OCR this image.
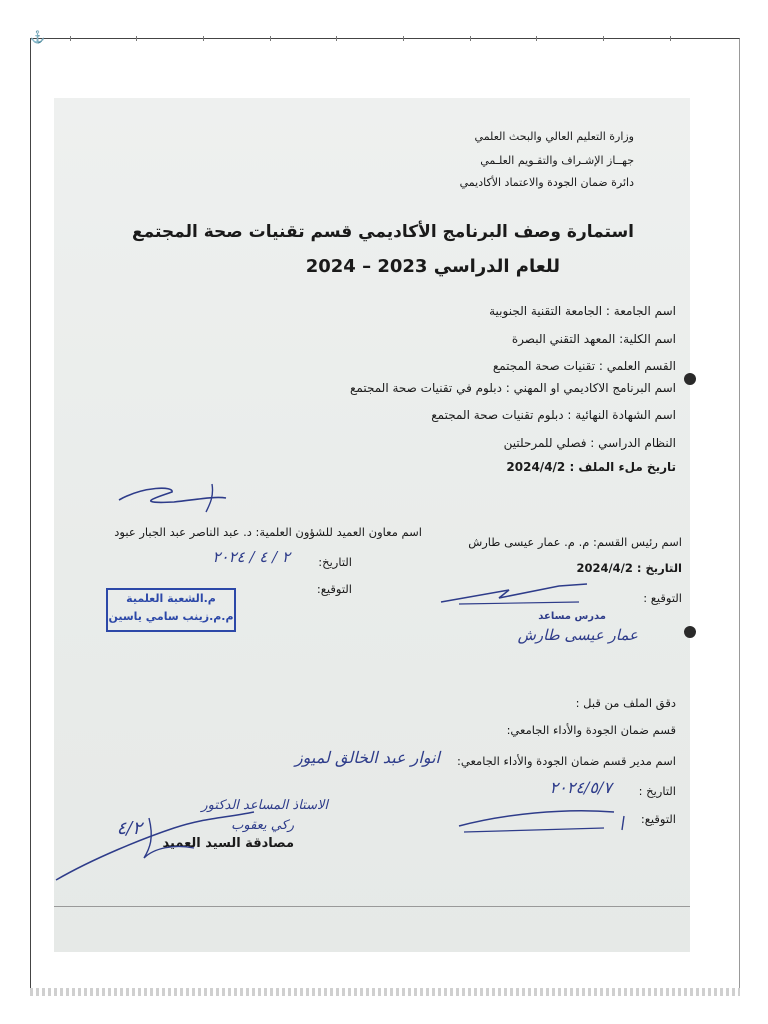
⚓
وزارة التعليم العالي والبحث العلمي
جهــاز الإشـراف والتقـويم العلـمي
دائرة ضمان الجودة والاعتماد الأكاديمي
استمارة وصف البرنامج الأكاديمي قسم تقنيات صحة المجتمع
للعام الدراسي 2023 – 2024
اسم الجامعة : الجامعة التقنية الجنوبية
اسم الكلية: المعهد التقني البصرة
القسم العلمي : تقنيات صحة المجتمع
اسم البرنامج الاكاديمي او المهني : دبلوم في تقنيات صحة المجتمع
اسم الشهادة النهائية : دبلوم تقنيات صحة المجتمع
النظام الدراسي : فصلي للمرحلتين
تاريخ ملء الملف : 2024/4/2
اسم رئيس القسم: م. م. عمار عيسى طارش
التاريخ : 2024/4/2
التوقيع :
مدرس مساعد
عمار عيسى طارش
اسم معاون العميد للشؤون العلمية: د. عبد الناصر عبد الجبار عبود
التاريخ:
٢ / ٤ / ٢٠٢٤
التوقيع:
م.الشعبة العلمية
م.م.زينب سامي ياسين
دقق الملف من قبل :
قسم ضمان الجودة والأداء الجامعي:
اسم مدير قسم ضمان الجودة والأداء الجامعي:
انوار عبد الخالق لميوز
التاريخ :
٢٠٢٤/٥/٧
التوقيع:
الاستاذ المساعد الدكتور
ركي يعقوب
مصادقة السيد العميد
٤/٢
